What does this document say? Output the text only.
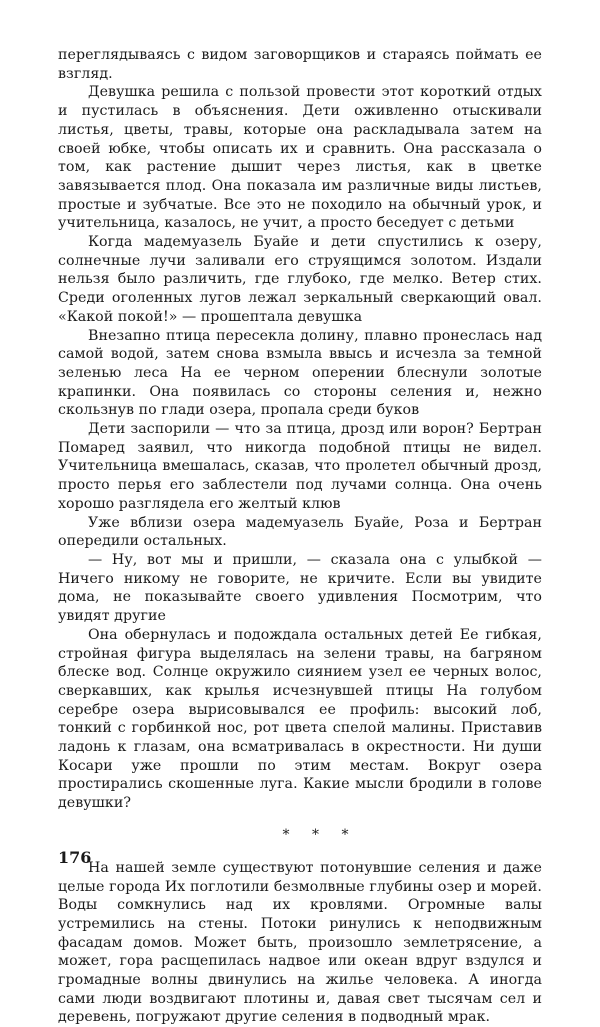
переглядываясь с видом заговорщиков и стараясь поймать ее взгляд.

Девушка решила с пользой провести этот короткий отдых и пустилась в объяснения. Дети оживленно отыскивали листья, цветы, травы, которые она раскладывала затем на своей юбке, чтобы описать их и сравнить. Она рассказала о том, как растение дышит через листья, как в цветке завязывается плод. Она показала им различные виды листьев, простые и зубчатые. Все это не походило на обычный урок, и учительница, казалось, не учит, а просто беседует с детьми

Когда мадемуазель Буайе и дети спустились к озеру, солнечные лучи заливали его струящимся золотом. Издали нельзя было различить, где глубоко, где мелко. Ветер стих. Среди оголенных лугов лежал зеркальный сверкающий овал. «Какой покой!» — прошептала девушка

Внезапно птица пересекла долину, плавно пронеслась над самой водой, затем снова взмыла ввысь и исчезла за темной зеленью леса На ее черном оперении блеснули золотые крапинки. Она появилась со стороны селения и, нежно скользнув по глади озера, пропала среди буков

Дети заспорили — что за птица, дрозд или ворон? Бертран Помаред заявил, что никогда подобной птицы не видел. Учительница вмешалась, сказав, что пролетел обычный дрозд, просто перья его заблестели под лучами солнца. Она очень хорошо разглядела его желтый клюв

Уже вблизи озера мадемуазель Буайе, Роза и Бертран опередили остальных.

— Ну, вот мы и пришли, — сказала она с улыбкой — Ничего никому не говорите, не кричите. Если вы увидите дома, не показывайте своего удивления Посмотрим, что увидят другие

Она обернулась и подождала остальных детей Ее гибкая, стройная фигура выделялась на зелени травы, на багряном блеске вод. Солнце окружило сиянием узел ее черных волос, сверкавших, как крылья исчезнувшей птицы На голубом серебре озера вырисовывался ее профиль: высокий лоб, тонкий с горбинкой нос, рот цвета спелой малины. Приставив ладонь к глазам, она всматривалась в окрестности. Ни души Косари уже прошли по этим местам. Вокруг озера простирались скошенные луга. Какие мысли бродили в голове девушки?

* * *

На нашей земле существуют потонувшие селения и даже целые города Их поглотили безмолвные глубины озер и морей. Воды сомкнулись над их кровлями. Огромные валы устремились на стены. Потоки ринулись к неподвижным фасадам домов. Может быть, произошло землетрясение, а может, гора расщепилась надвое или океан вдруг вздулся и громадные волны двинулись на жилье человека. А иногда сами люди воздвигают плотины и, давая свет тысячам сел и деревень, погружают другие селения в подводный мрак.

176
